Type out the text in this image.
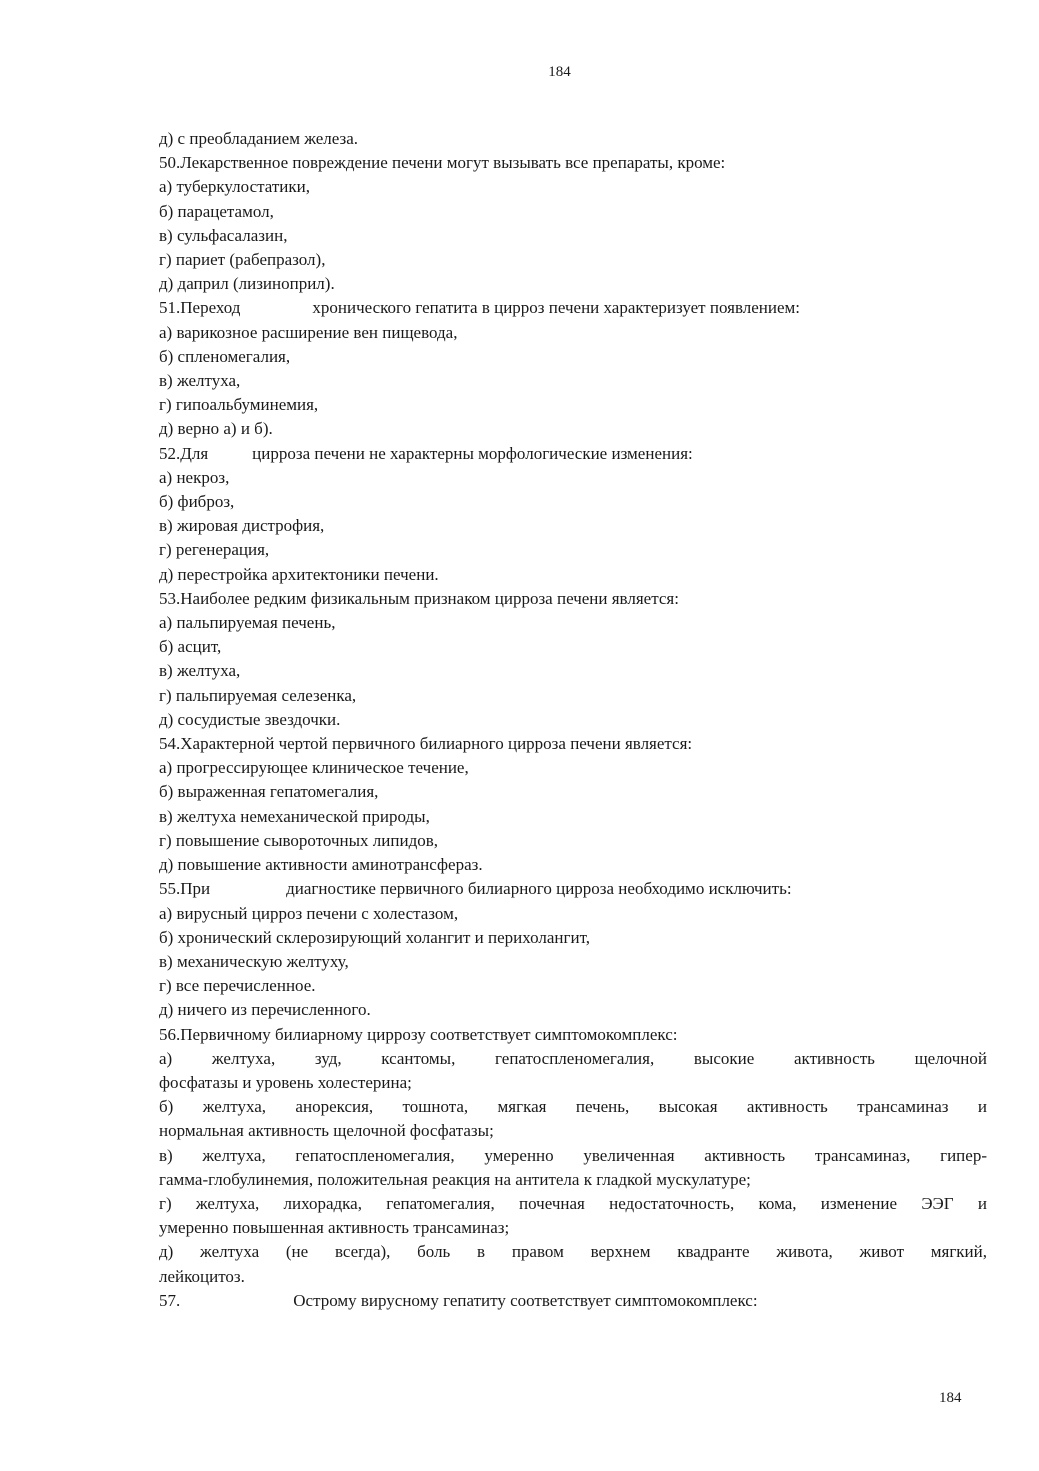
184
д) с преобладанием железа.
50.Лекарственное повреждение печени могут вызывать все препараты, кроме:
а) туберкулостатики,
б) парацетамол,
в) сульфасалазин,
г) париет (рабепразол),
д) даприл (лизиноприл).
51.Переход	хронического гепатита в цирроз печени характеризует появлением:
а) варикозное расширение вен пищевода,
б) спленомегалия,
в) желтуха,
г) гипоальбуминемия,
д) верно а) и б).
52.Для	цирроза печени не характерны морфологические изменения:
а) некроз,
б) фиброз,
в) жировая дистрофия,
г) регенерация,
д) перестройка архитектоники печени.
53.Наиболее редким физикальным признаком цирроза печени является:
а) пальпируемая печень,
б) асцит,
в) желтуха,
г) пальпируемая селезенка,
д) сосудистые звездочки.
54.Характерной чертой первичного билиарного цирроза печени является:
а) прогрессирующее клиническое течение,
б) выраженная гепатомегалия,
в) желтуха немеханической природы,
г) повышение сывороточных липидов,
д) повышение активности аминотрансфераз.
55.При	диагностике первичного билиарного цирроза необходимо исключить:
а) вирусный цирроз печени с холестазом,
б) хронический склерозирующий холангит и перихолангит,
в) механическую желтуху,
г) все перечисленное.
д) ничего из перечисленного.
56.Первичному билиарному циррозу соответствует симптомокомплекс:
а) желтуха, зуд, ксантомы, гепатоспленомегалия, высокие активность щелочной
фосфатазы и уровень холестерина;
б) желтуха, анорексия, тошнота, мягкая печень, высокая активность трансаминаз и
нормальная активность щелочной фосфатазы;
в) желтуха, гепатоспленомегалия, умеренно увеличенная активность трансаминаз, гипер-
гамма-глобулинемия, положительная реакция на антитела к гладкой мускулатуре;
г) желтуха, лихорадка, гепатомегалия, почечная недостаточность, кома, изменение ЭЭГ и
умеренно повышенная активность трансаминаз;
д) желтуха (не всегда), боль в правом верхнем квадранте живота, живот мягкий,
лейкоцитоз.
57.	Острому вирусному гепатиту соответствует симптомокомплекс:
184
